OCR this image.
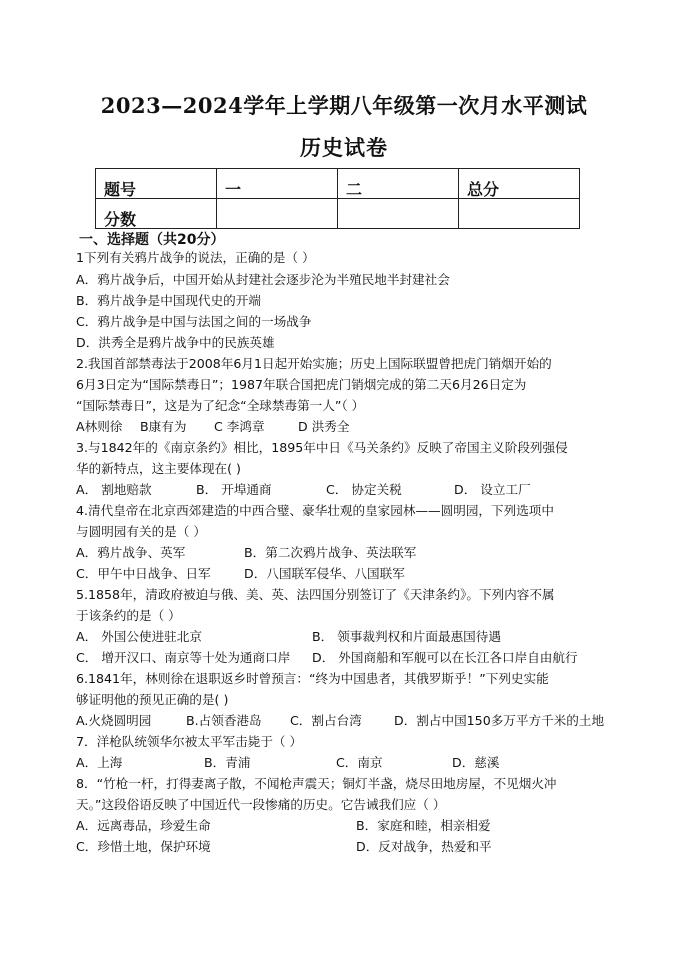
2023—2024学年上学期八年级第一次月水平测试
历史试卷
题号	一	二	总分
分数			
一、选择题（共20分）
1下列有关鸦片战争的说法，正确的是（ ）
A．鸦片战争后，中国开始从封建社会逐步沦为半殖民地半封建社会
B．鸦片战争是中国现代史的开端
C．鸦片战争是中国与法国之间的一场战争
D．洪秀全是鸦片战争中的民族英雄
2.我国首部禁毒法于2008年6月1日起开始实施；历史上国际联盟曾把虎门销烟开始的
6月3日定为“国际禁毒日”；1987年联合国把虎门销烟完成的第二天6月26日定为
“国际禁毒日”，这是为了纪念“全球禁毒第一人”（ ）
A林则徐 B康有为 C 李鸿章	D 洪秀全
3.与1842年的《南京条约》相比，1895年中日《马关条约》反映了帝国主义阶段列强侵
华的新特点，这主要体现在( )
A． 割地赔款	B． 开埠通商	C． 协定关税	D． 设立工厂
4.清代皇帝在北京西郊建造的中西合璧、豪华壮观的皇家园林——圆明园，下列选项中
与圆明园有关的是（ ）
A．鸦片战争、英军	B．第二次鸦片战争、英法联军
C．甲午中日战争、日军	D．八国联军侵华、八国联军
5.1858年，清政府被迫与俄、美、英、法四国分别签订了《天津条约》。下列内容不属
于该条约的是（ ）
A． 外国公使进驻北京	B． 领事裁判权和片面最惠国待遇
C． 增开汉口、南京等十处为通商口岸 D． 外国商船和军舰可以在长江各口岸自由航行
6.1841年，林则徐在退职返乡时曾预言：“终为中国患者，其俄罗斯乎！”下列史实能
够证明他的预见正确的是( )
A.火烧圆明园	B.占领香港岛 C．割占台湾	D．割占中国150多万平方千米的土地
7．洋枪队统领华尔被太平军击毙于（ ）
A．上海	B．青浦	C．南京	D．慈溪
8．“竹枪一杆，打得妻离子散，不闻枪声震天；铜灯半盏，烧尽田地房屋，不见烟火冲
天。”这段俗语反映了中国近代一段惨痛的历史。它告诫我们应（ ）
A．远离毒品，珍爱生命	B．家庭和睦，相亲相爱
C．珍惜土地，保护环境	D．反对战争，热爱和平
